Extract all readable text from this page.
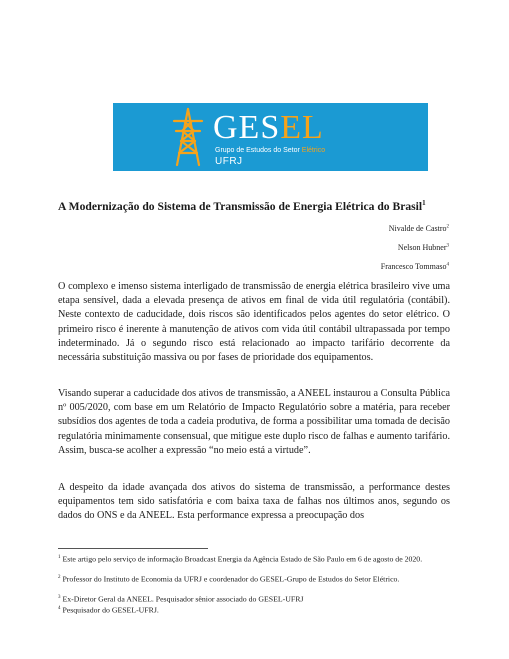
GESEL
Grupo de Estudos do Setor Elétrico
UFRJ
A Modernização do Sistema de Transmissão de Energia Elétrica do Brasil$^1$
Nivalde de Castro$^2$
Nelson Hubner$^3$
Francesco Tommaso$^4$

O complexo e imenso sistema interligado de transmissão de energia elétrica brasileiro vive uma etapa sensível, dada a elevada presença de ativos em final de vida útil regulatória (contábil). Neste contexto de caducidade, dois riscos são identificados pelos agentes do setor elétrico. O primeiro risco é inerente à manutenção de ativos com vida útil contábil ultrapassada por tempo indeterminado. Já o segundo risco está relacionado ao impacto tarifário decorrente da necessária substituição massiva ou por fases de prioridade dos equipamentos.

Visando superar a caducidade dos ativos de transmissão, a ANEEL instaurou a Consulta Pública nº 005/2020, com base em um Relatório de Impacto Regulatório sobre a matéria, para receber subsídios dos agentes de toda a cadeia produtiva, de forma a possibilitar uma tomada de decisão regulatória minimamente consensual, que mitigue este duplo risco de falhas e aumento tarifário. Assim, busca-se acolher a expressão “no meio está a virtude”.

A despeito da idade avançada dos ativos do sistema de transmissão, a performance destes equipamentos tem sido satisfatória e com baixa taxa de falhas nos últimos anos, segundo os dados do ONS e da ANEEL. Esta performance expressa a preocupação dos

$^1$ Este artigo pelo serviço de informação Broadcast Energia da Agência Estado de São Paulo em 6 de agosto de 2020.

$^2$ Professor do Instituto de Economia da UFRJ e coordenador do GESEL-Grupo de Estudos do Setor Elétrico.

$^3$ Ex-Diretor Geral da ANEEL. Pesquisador sênior associado do GESEL-UFRJ

$^4$ Pesquisador do GESEL-UFRJ.
